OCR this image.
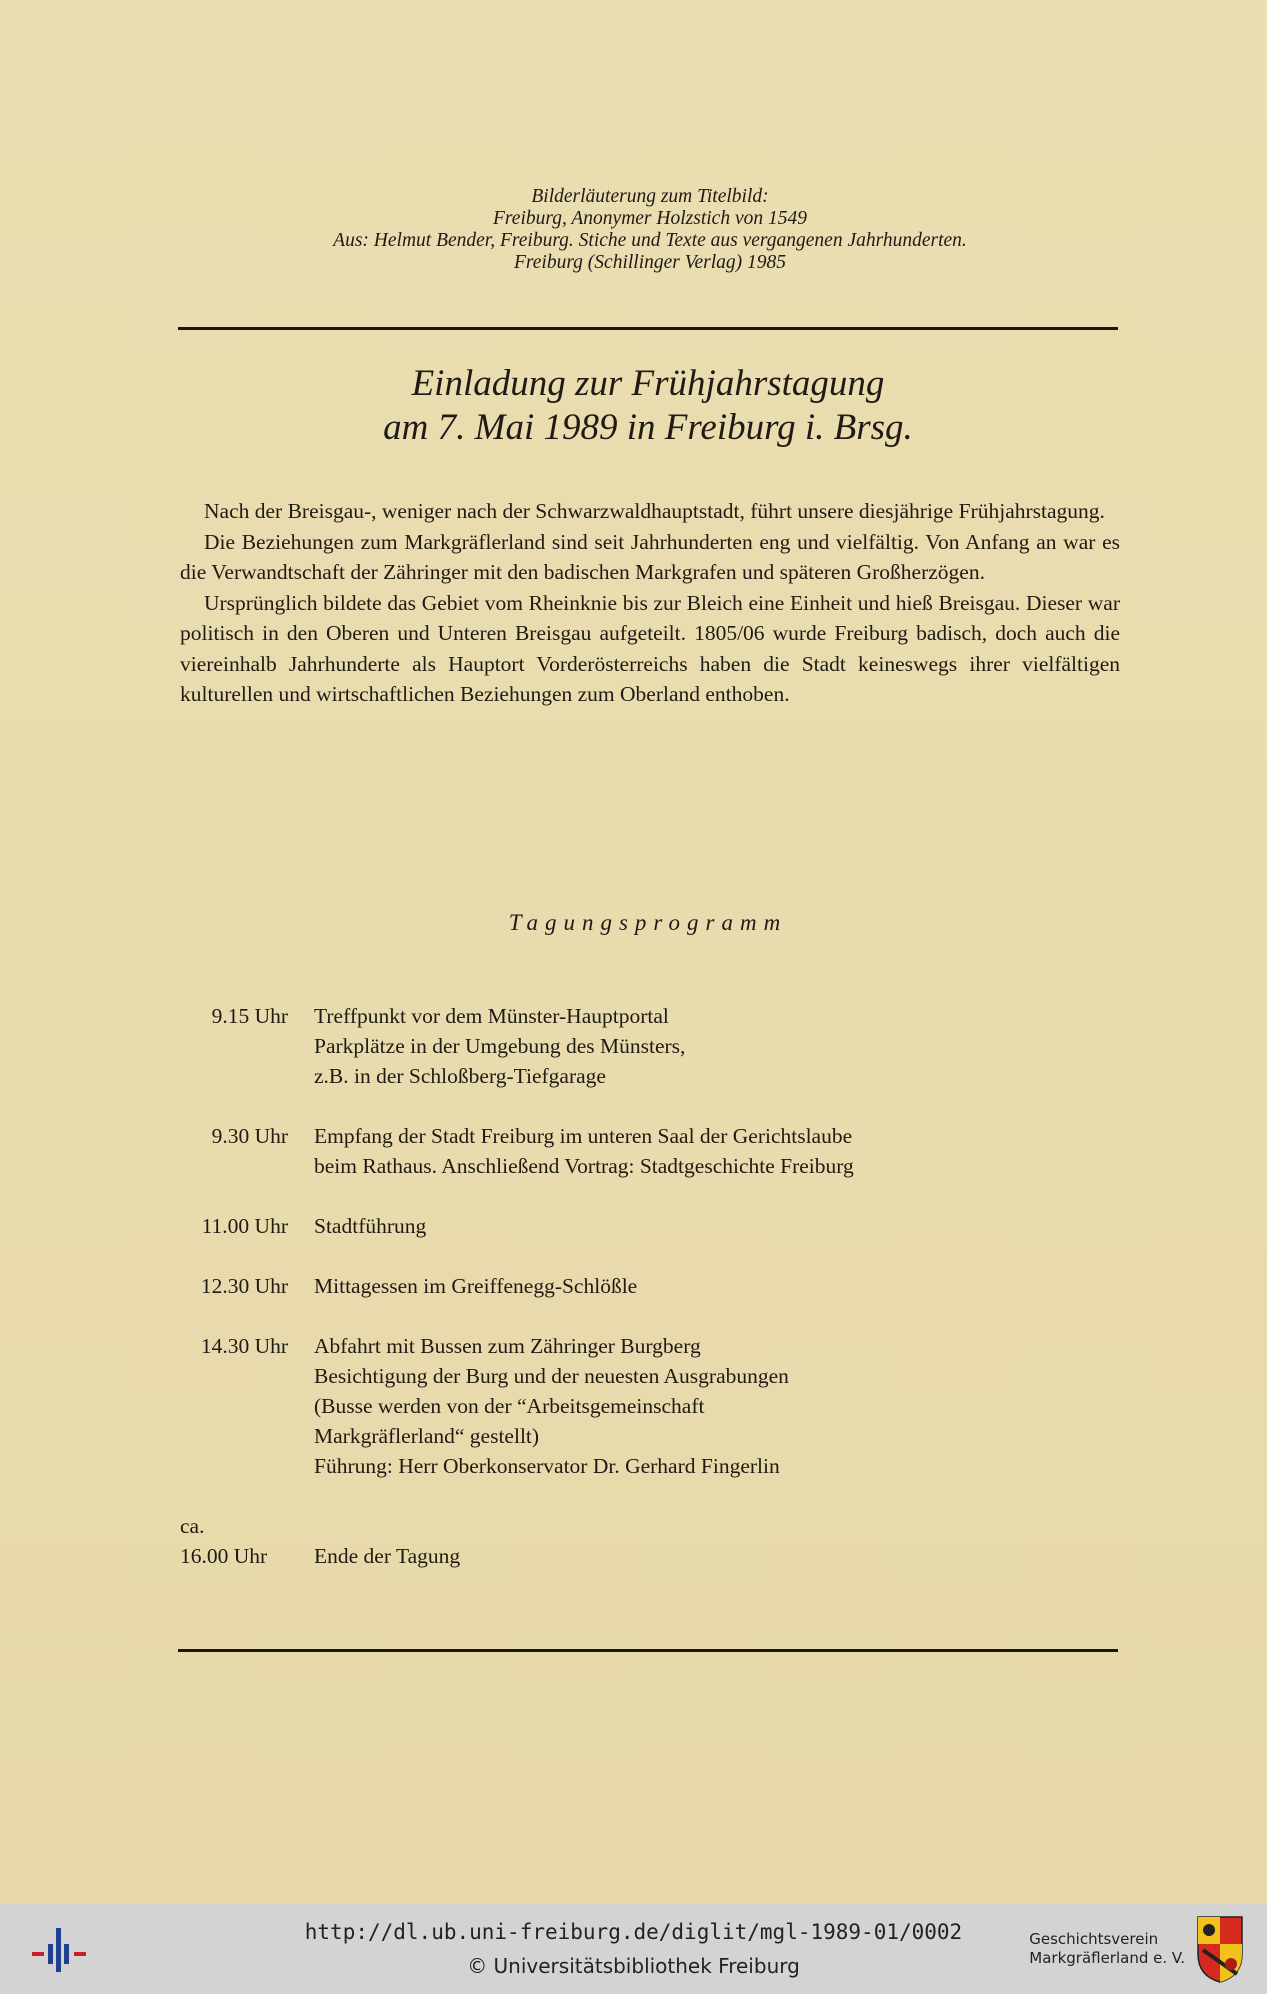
Bilderläuterung zum Titelbild:
Freiburg, Anonymer Holzstich von 1549
Aus: Helmut Bender, Freiburg. Stiche und Texte aus vergangenen Jahrhunderten.
Freiburg (Schillinger Verlag) 1985
Einladung zur Frühjahrstagung
am 7. Mai 1989 in Freiburg i. Brsg.

Nach der Breisgau-, weniger nach der Schwarzwaldhauptstadt, führt unsere diesjährige Frühjahrstagung.

Die Beziehungen zum Markgräflerland sind seit Jahrhunderten eng und vielfältig. Von Anfang an war es die Verwandtschaft der Zähringer mit den badischen Markgrafen und späteren Großherzögen.

Ursprünglich bildete das Gebiet vom Rheinknie bis zur Bleich eine Einheit und hieß Breisgau. Dieser war politisch in den Oberen und Unteren Breisgau aufgeteilt. 1805/06 wurde Freiburg badisch, doch auch die viereinhalb Jahrhunderte als Hauptort Vorderösterreichs haben die Stadt keineswegs ihrer vielfältigen kulturellen und wirtschaftlichen Beziehungen zum Oberland enthoben.

Tagungsprogramm
9.15 Uhr	Treffpunkt vor dem Münster-Hauptportal
Parkplätze in der Umgebung des Münsters,
z.B. in der Schloßberg-Tiefgarage
9.30 Uhr	Empfang der Stadt Freiburg im unteren Saal der Gerichtslaube
beim Rathaus. Anschließend Vortrag: Stadtgeschichte Freiburg
11.00 Uhr	Stadtführung
12.30 Uhr	Mittagessen im Greiffenegg-Schlößle
14.30 Uhr	Abfahrt mit Bussen zum Zähringer Burgberg
Besichtigung der Burg und der neuesten Ausgrabungen
(Busse werden von der “Arbeitsgemeinschaft
Markgräflerland“ gestellt)
Führung: Herr Oberkonservator Dr. Gerhard Fingerlin
ca.
16.00 Uhr	Ende der Tagung
http://dl.ub.uni-freiburg.de/diglit/mgl-1989-01/0002
© Universitätsbibliothek Freiburg
Geschichtsverein
Markgräflerland e. V.
